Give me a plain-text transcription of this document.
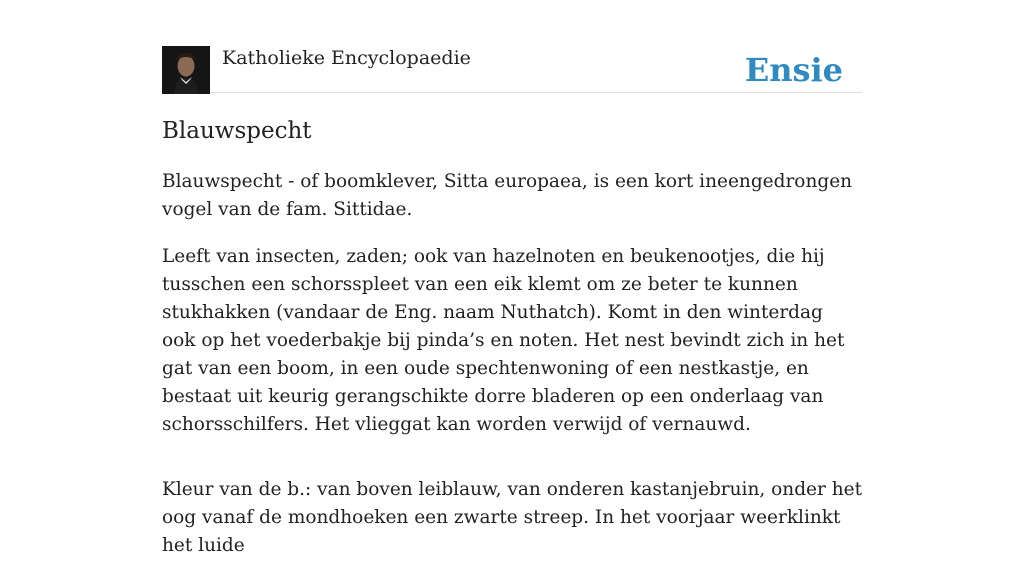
Katholieke Encyclopaedie	Ensie
Blauwspecht

Blauwspecht - of boomklever, Sitta europaea, is een kort ineengedrongen vogel van de fam. Sittidae.

Leeft van insecten, zaden; ook van hazelnoten en beukenootjes, die hij tusschen een schorsspleet van een eik klemt om ze beter te kunnen stukhakken (vandaar de Eng. naam Nuthatch). Komt in den winterdag ook op het voederbakje bij pinda’s en noten. Het nest bevindt zich in het gat van een boom, in een oude spechtenwoning of een nestkastje, en bestaat uit keurig gerangschikte dorre bladeren op een onderlaag van schorsschilfers. Het vlieggat kan worden verwijd of vernauwd.

Kleur van de b.: van boven leiblauw, van onderen kastanjebruin, onder het oog vanaf de mondhoeken een zwarte streep. In het voorjaar weerklinkt het luide
